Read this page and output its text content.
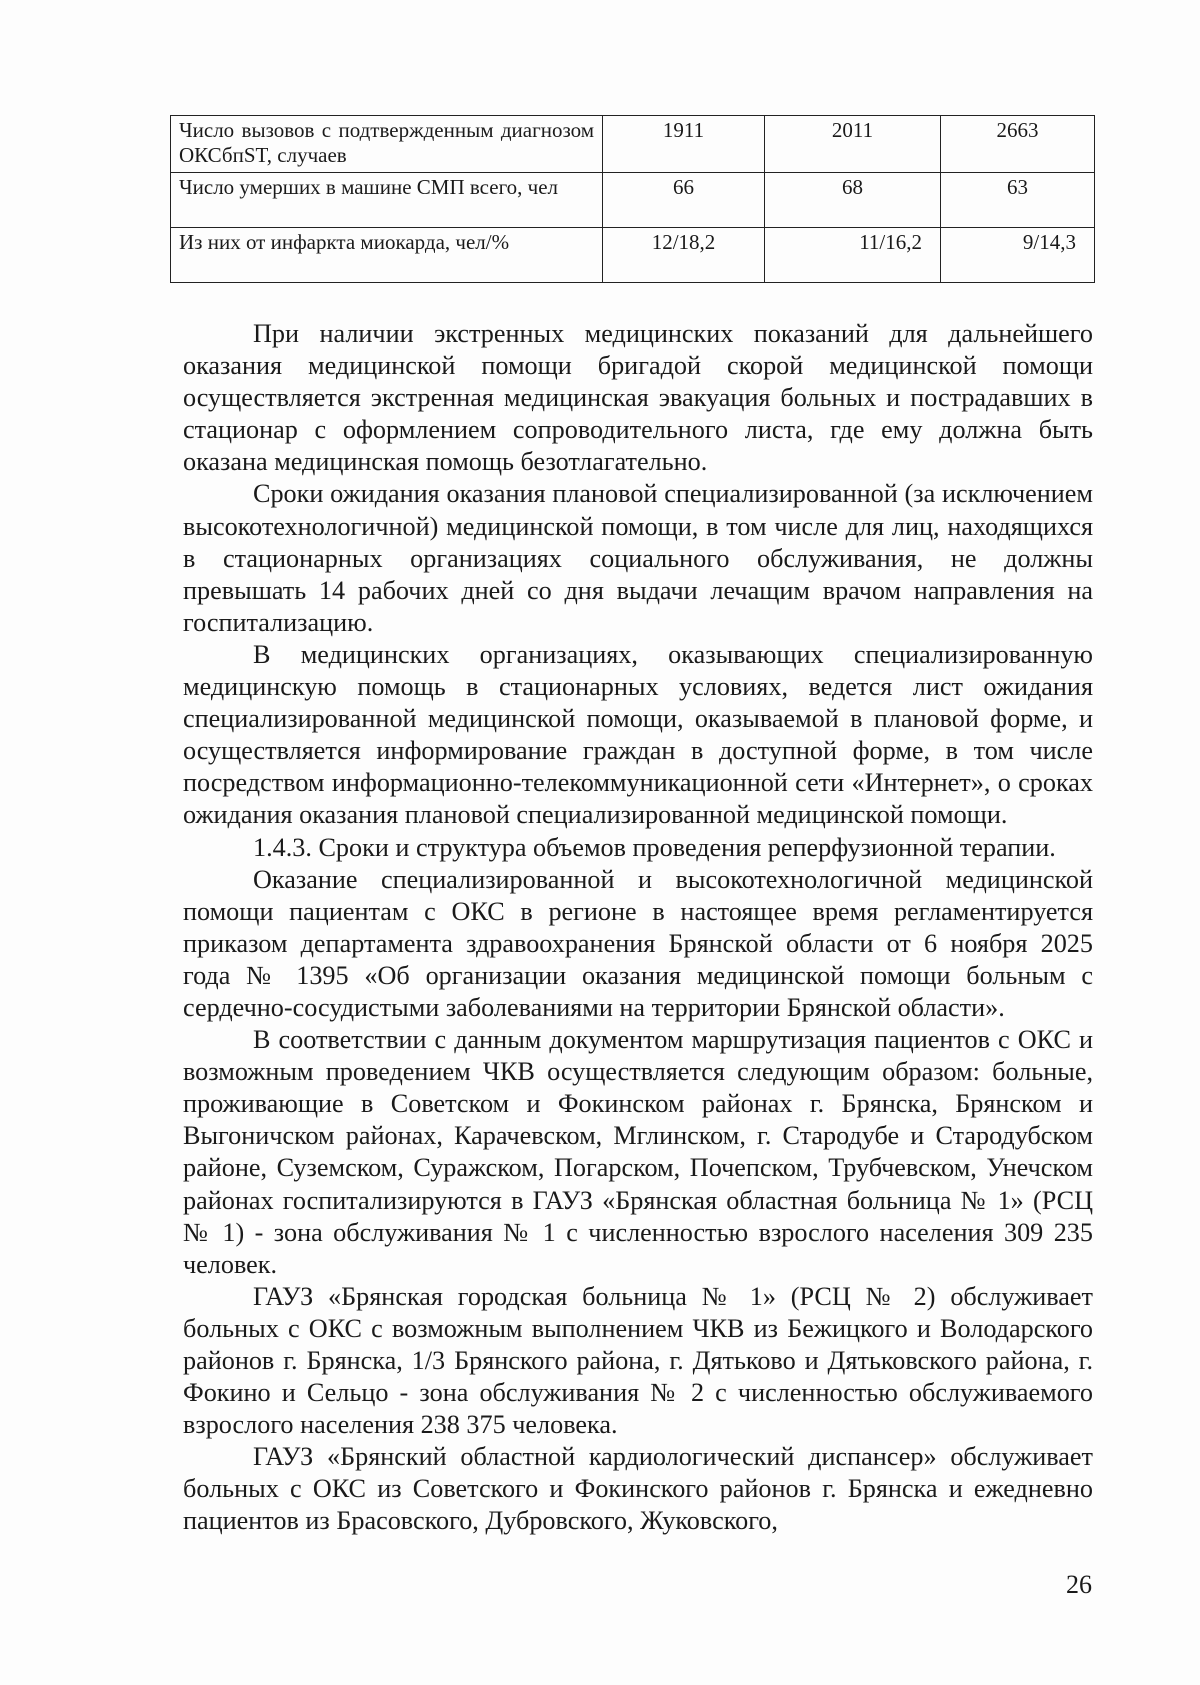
Число вызовов с подтвержденным диагнозом ОКСбпST, случаев	1911	2011	2663
Число умерших в машине СМП всего, чел	66	68	63
Из них от инфаркта миокарда, чел/%	12/18,2	11/16,2	9/14,3

При наличии экстренных медицинских показаний для дальнейшего оказания медицинской помощи бригадой скорой медицинской помощи осуществляется экстренная медицинская эвакуация больных и пострадавших в стационар с оформлением сопроводительного листа, где ему должна быть оказана медицинская помощь безотлагательно.

Сроки ожидания оказания плановой специализированной (за исключением высокотехнологичной) медицинской помощи, в том числе для лиц, находящихся в стационарных организациях социального обслуживания, не должны превышать 14 рабочих дней со дня выдачи лечащим врачом направления на госпитализацию.

В медицинских организациях, оказывающих специализированную медицинскую помощь в стационарных условиях, ведется лист ожидания специализированной медицинской помощи, оказываемой в плановой форме, и осуществляется информирование граждан в доступной форме, в том числе посредством информационно-телекоммуникационной сети «Интернет», о сроках ожидания оказания плановой специализированной медицинской помощи.

1.4.3. Сроки и структура объемов проведения реперфузионной терапии.

Оказание специализированной и высокотехнологичной медицинской помощи пациентам с ОКС в регионе в настоящее время регламентируется приказом департамента здравоохранения Брянской области от 6 ноября 2025 года № 1395 «Об организации оказания медицинской помощи больным с сердечно-сосудистыми заболеваниями на территории Брянской области».

В соответствии с данным документом маршрутизация пациентов с ОКС и возможным проведением ЧКВ осуществляется следующим образом: больные, проживающие в Советском и Фокинском районах г. Брянска, Брянском и Выгоничском районах, Карачевском, Мглинском, г. Стародубе и Стародубском районе, Суземском, Суражском, Погарском, Почепском, Трубчевском, Унечском районах госпитализируются в ГАУЗ «Брянская областная больница № 1» (РСЦ № 1) - зона обслуживания № 1 с численностью взрослого населения 309 235 человек.

ГАУЗ «Брянская городская больница № 1» (РСЦ № 2) обслуживает больных с ОКС с возможным выполнением ЧКВ из Бежицкого и Володарского районов г. Брянска, 1/3 Брянского района, г. Дятьково и Дятьковского района, г. Фокино и Сельцо - зона обслуживания № 2 с численностью обслуживаемого взрослого населения 238 375 человека.

ГАУЗ «Брянский областной кардиологический диспансер» обслуживает больных с ОКС из Советского и Фокинского районов г. Брянска и ежедневно пациентов из Брасовского, Дубровского, Жуковского,

26
